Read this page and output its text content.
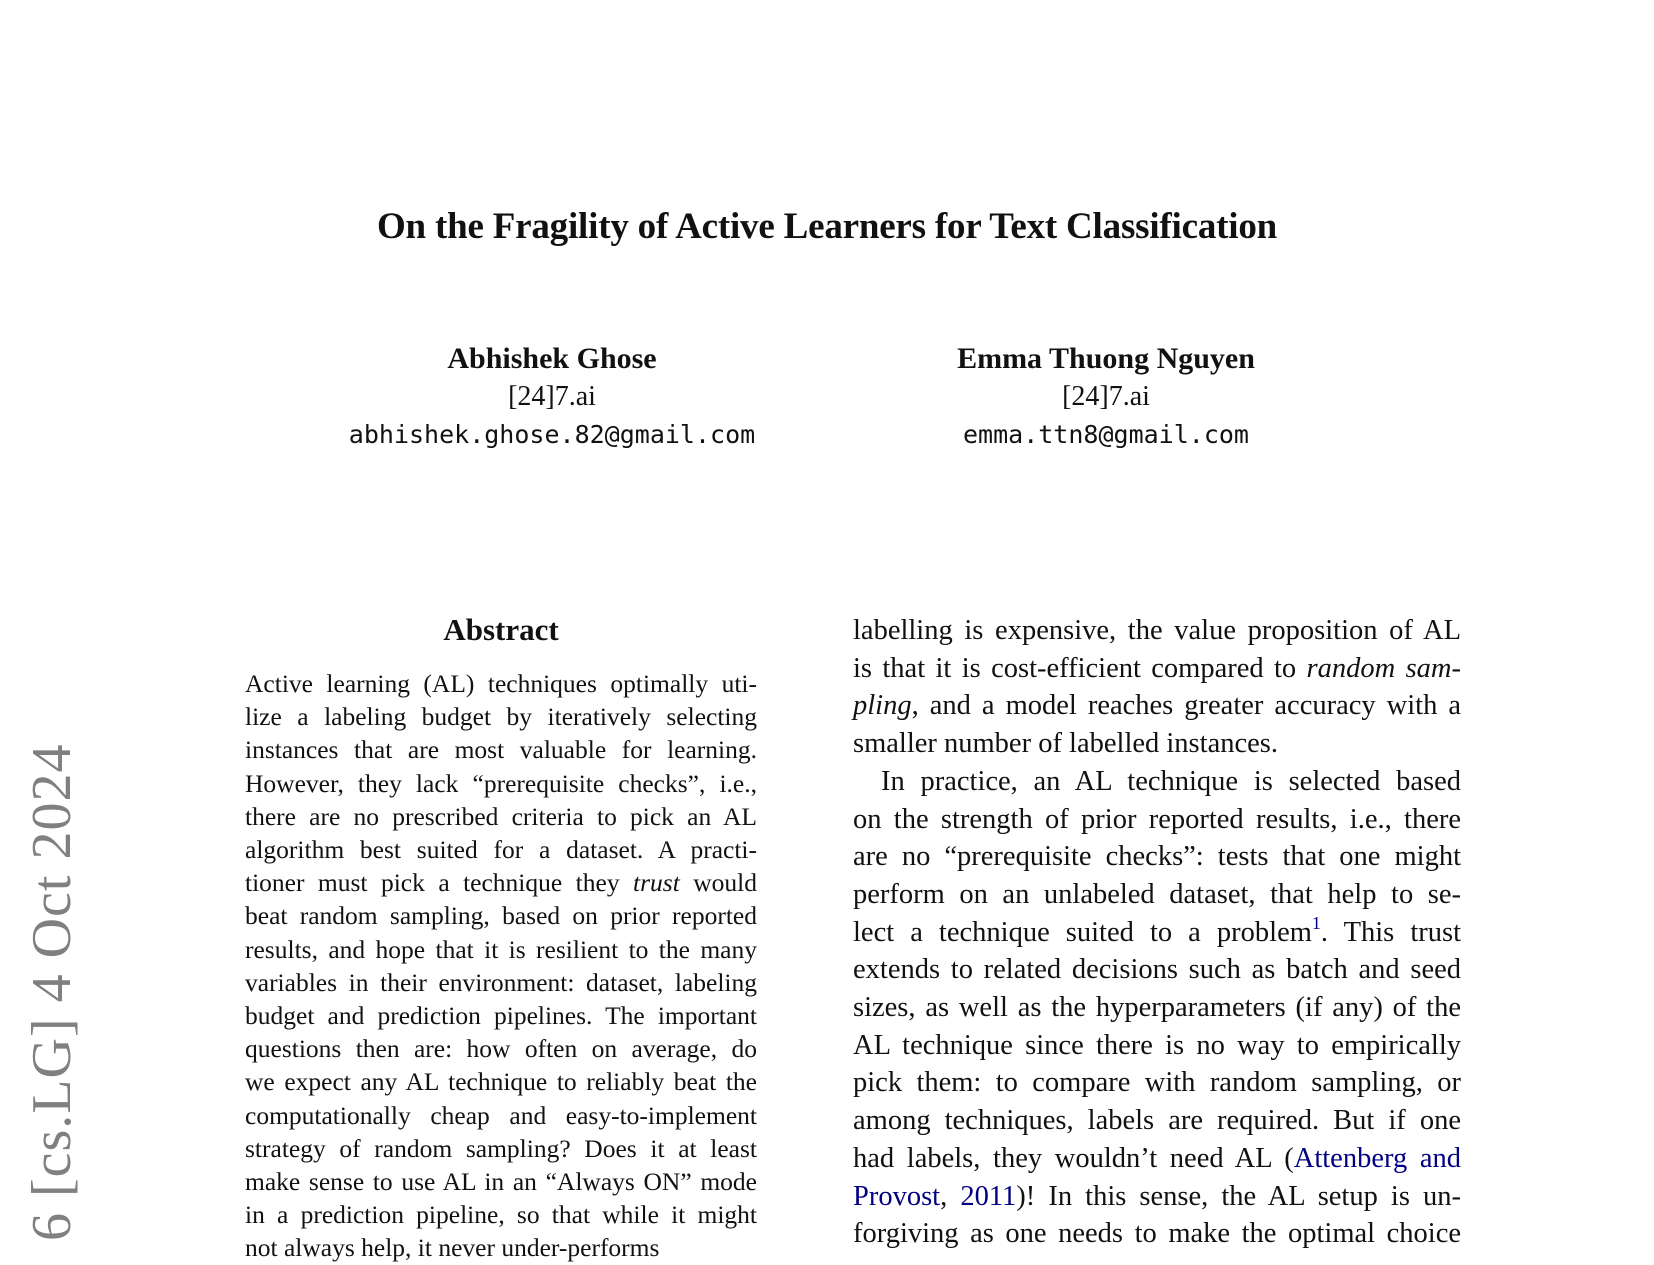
On the Fragility of Active Learners for Text Classification
Abhishek Ghose
[24]7.ai
abhishek.ghose.82@gmail.com
Emma Thuong Nguyen
[24]7.ai
emma.ttn8@gmail.com
6 [cs.LG] 4 Oct 2024
Abstract
Active learning (AL) techniques optimally uti-
lize a labeling budget by iteratively selecting
instances that are most valuable for learning.
However, they lack “prerequisite checks”, i.e.,
there are no prescribed criteria to pick an AL
algorithm best suited for a dataset. A practi-
tioner must pick a technique they trust would
beat random sampling, based on prior reported
results, and hope that it is resilient to the many
variables in their environment: dataset, labeling
budget and prediction pipelines. The important
questions then are: how often on average, do
we expect any AL technique to reliably beat the
computationally cheap and easy-to-implement
strategy of random sampling? Does it at least
make sense to use AL in an “Always ON” mode
in a prediction pipeline, so that while it might
not always help, it never under-performs
labelling is expensive, the value proposition of AL
is that it is cost-efficient compared to random sam-
pling, and a model reaches greater accuracy with a
smaller number of labelled instances.
In practice, an AL technique is selected based
on the strength of prior reported results, i.e., there
are no “prerequisite checks”: tests that one might
perform on an unlabeled dataset, that help to se-
lect a technique suited to a problem$^1$. This trust
extends to related decisions such as batch and seed
sizes, as well as the hyperparameters (if any) of the
AL technique since there is no way to empirically
pick them: to compare with random sampling, or
among techniques, labels are required. But if one
had labels, they wouldn’t need AL (Attenberg and
Provost, 2011)! In this sense, the AL setup is un-
forgiving as one needs to make the optimal choice
